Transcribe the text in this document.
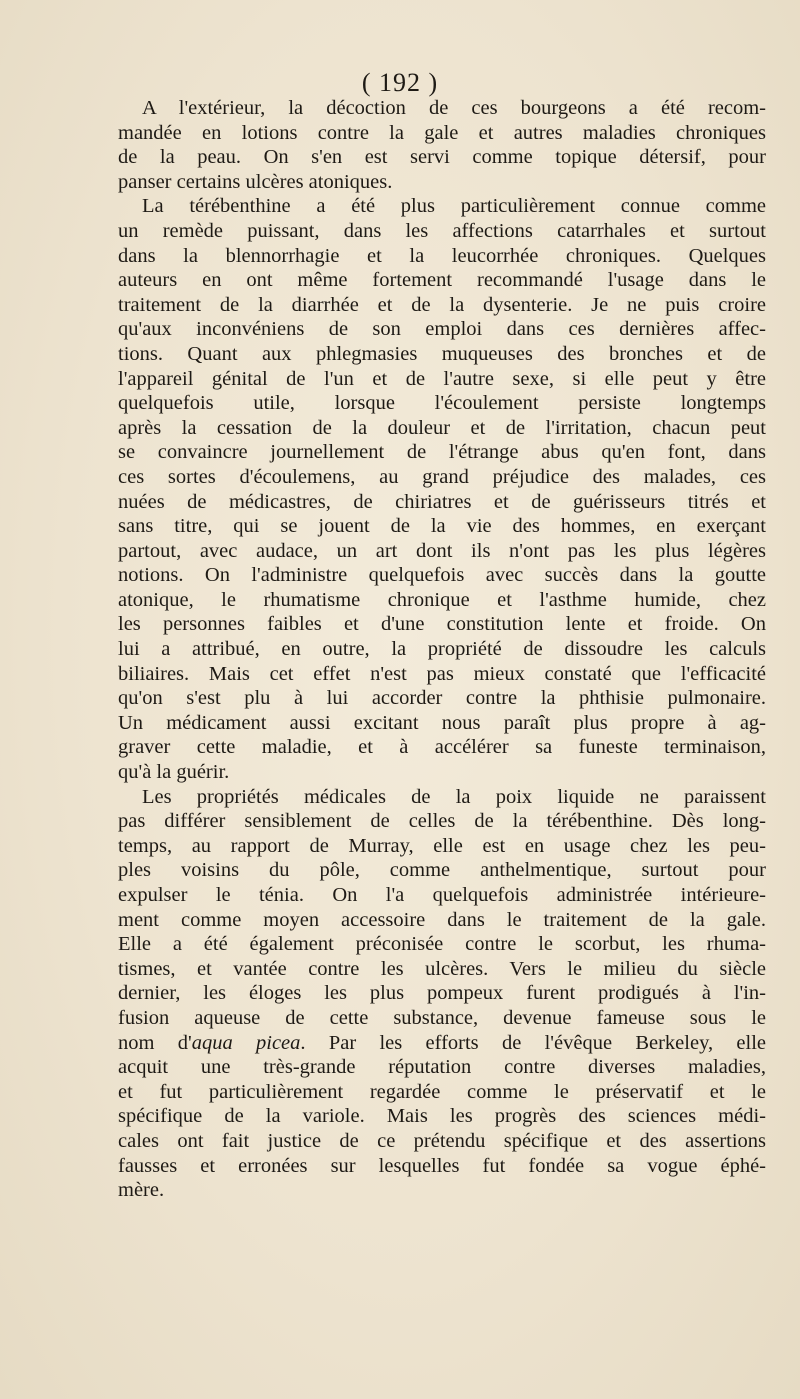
( 192 )
A l'extérieur, la décoction de ces bourgeons a été recom-
mandée en lotions contre la gale et autres maladies chroniques
de la peau. On s'en est servi comme topique détersif, pour
panser certains ulcères atoniques.
La térébenthine a été plus particulièrement connue comme
un remède puissant, dans les affections catarrhales et surtout
dans la blennorrhagie et la leucorrhée chroniques. Quelques
auteurs en ont même fortement recommandé l'usage dans le
traitement de la diarrhée et de la dysenterie. Je ne puis croire
qu'aux inconvéniens de son emploi dans ces dernières affec-
tions. Quant aux phlegmasies muqueuses des bronches et de
l'appareil génital de l'un et de l'autre sexe, si elle peut y être
quelquefois utile, lorsque l'écoulement persiste longtemps
après la cessation de la douleur et de l'irritation, chacun peut
se convaincre journellement de l'étrange abus qu'en font, dans
ces sortes d'écoulemens, au grand préjudice des malades, ces
nuées de médicastres, de chiriatres et de guérisseurs titrés et
sans titre, qui se jouent de la vie des hommes, en exerçant
partout, avec audace, un art dont ils n'ont pas les plus légères
notions. On l'administre quelquefois avec succès dans la goutte
atonique, le rhumatisme chronique et l'asthme humide, chez
les personnes faibles et d'une constitution lente et froide. On
lui a attribué, en outre, la propriété de dissoudre les calculs
biliaires. Mais cet effet n'est pas mieux constaté que l'efficacité
qu'on s'est plu à lui accorder contre la phthisie pulmonaire.
Un médicament aussi excitant nous paraît plus propre à ag-
graver cette maladie, et à accélérer sa funeste terminaison,
qu'à la guérir.
Les propriétés médicales de la poix liquide ne paraissent
pas différer sensiblement de celles de la térébenthine. Dès long-
temps, au rapport de Murray, elle est en usage chez les peu-
ples voisins du pôle, comme anthelmentique, surtout pour
expulser le ténia. On l'a quelquefois administrée intérieure-
ment comme moyen accessoire dans le traitement de la gale.
Elle a été également préconisée contre le scorbut, les rhuma-
tismes, et vantée contre les ulcères. Vers le milieu du siècle
dernier, les éloges les plus pompeux furent prodigués à l'in-
fusion aqueuse de cette substance, devenue fameuse sous le
nom d'aqua picea. Par les efforts de l'évêque Berkeley, elle
acquit une très-grande réputation contre diverses maladies,
et fut particulièrement regardée comme le préservatif et le
spécifique de la variole. Mais les progrès des sciences médi-
cales ont fait justice de ce prétendu spécifique et des assertions
fausses et erronées sur lesquelles fut fondée sa vogue éphé-
mère.
